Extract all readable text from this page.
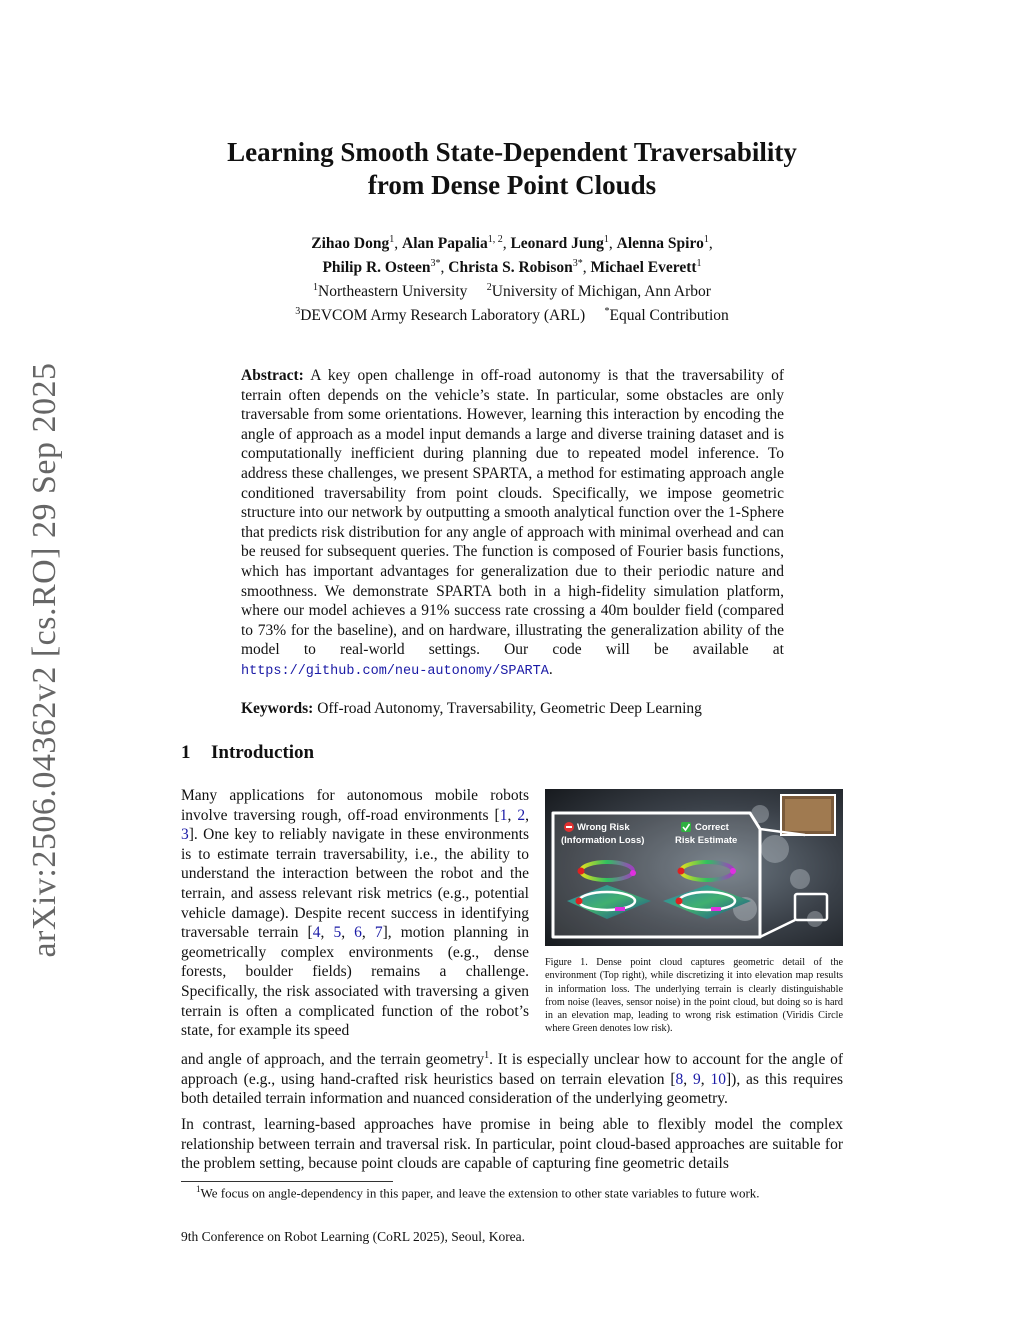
arXiv:2506.04362v2 [cs.RO] 29 Sep 2025
Learning Smooth State-Dependent Traversability
from Dense Point Clouds
Zihao Dong$^1$, Alan Papalia$^{1, 2}$, Leonard Jung$^1$, Alenna Spiro$^1$,
Philip R. Osteen$^{3*}$, Christa S. Robison$^{3*}$, Michael Everett$^1$
$^1$Northeastern University $^2$University of Michigan, Ann Arbor
$^3$DEVCOM Army Research Laboratory (ARL) *Equal Contribution
Abstract: A key open challenge in off-road autonomy is that the traversability of terrain often depends on the vehicle’s state. In particular, some obstacles are only traversable from some orientations. However, learning this interaction by encoding the angle of approach as a model input demands a large and diverse training dataset and is computationally inefficient during planning due to repeated model inference. To address these challenges, we present SPARTA, a method for estimating approach angle conditioned traversability from point clouds. Specifically, we impose geometric structure into our network by outputting a smooth analytical function over the 1-Sphere that predicts risk distribution for any angle of approach with minimal overhead and can be reused for subsequent queries. The function is composed of Fourier basis functions, which has important advantages for generalization due to their periodic nature and smoothness. We demonstrate SPARTA both in a high-fidelity simulation platform, where our model achieves a 91% success rate crossing a 40m boulder field (compared to 73% for the baseline), and on hardware, illustrating the generalization ability of the model to real-world settings. Our code will be available at https://github.com/neu-autonomy/SPARTA.
Keywords: Off-road Autonomy, Traversability, Geometric Deep Learning
1 Introduction
Many applications for autonomous mobile robots involve traversing rough, off-road environments [1, 2, 3]. One key to reliably navigate in these environments is to estimate terrain traversability, i.e., the ability to understand the interaction between the robot and the terrain, and assess relevant risk metrics (e.g., potential vehicle damage). Despite recent success in identifying traversable terrain [4, 5, 6, 7], motion planning in geometrically complex environments (e.g., dense forests, boulder fields) remains a challenge. Specifically, the risk associated with traversing a given terrain is often a complicated function of the robot’s state, for example its speed
Wrong Risk
(Information Loss)
Correct
Risk Estimate
Figure 1. Dense point cloud captures geometric detail of the environment (Top right), while discretizing it into elevation map results in information loss. The underlying terrain is clearly distinguishable from noise (leaves, sensor noise) in the point cloud, but doing so is hard in an elevation map, leading to wrong risk estimation (Viridis Circle where Green denotes low risk).
and angle of approach, and the terrain geometry$^1$. It is especially unclear how to account for the angle of approach (e.g., using hand-crafted risk heuristics based on terrain elevation [8, 9, 10]), as this requires both detailed terrain information and nuanced consideration of the underlying geometry.
In contrast, learning-based approaches have promise in being able to flexibly model the complex relationship between terrain and traversal risk. In particular, point cloud-based approaches are suitable for the problem setting, because point clouds are capable of capturing fine geometric details
$^1$We focus on angle-dependency in this paper, and leave the extension to other state variables to future work.
9th Conference on Robot Learning (CoRL 2025), Seoul, Korea.
